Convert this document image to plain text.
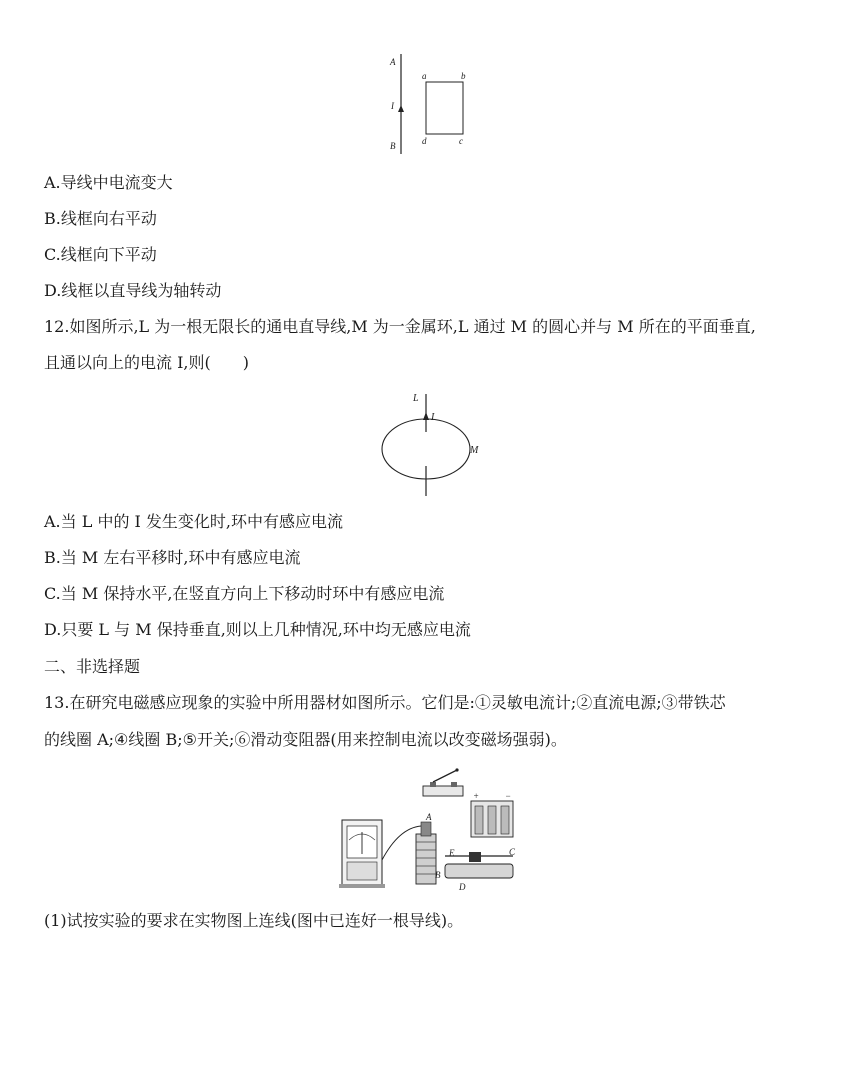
A
I
B
a	b
c
d
A.导线中电流变大
B.线框向右平动
C.线框向下平动
D.线框以直导线为轴转动
12.如图所示,L 为一根无限长的通电直导线,M 为一金属环,L 通过 M 的圆心并与 M 所在的平面垂直,
且通以向上的电流 I,则(　　)
L
I
M
A.当 L 中的 I 发生变化时,环中有感应电流
B.当 M 左右平移时,环中有感应电流
C.当 M 保持水平,在竖直方向上下移动时环中有感应电流
D.只要 L 与 M 保持垂直,则以上几种情况,环中均无感应电流
二、非选择题
13.在研究电磁感应现象的实验中所用器材如图所示。它们是:①灵敏电流计;②直流电源;③带铁芯
的线圈 A;④线圈 B;⑤开关;⑥滑动变阻器(用来控制电流以改变磁场强弱)。
+	−
A
B
E	C
D
(1)试按实验的要求在实物图上连线(图中已连好一根导线)。
